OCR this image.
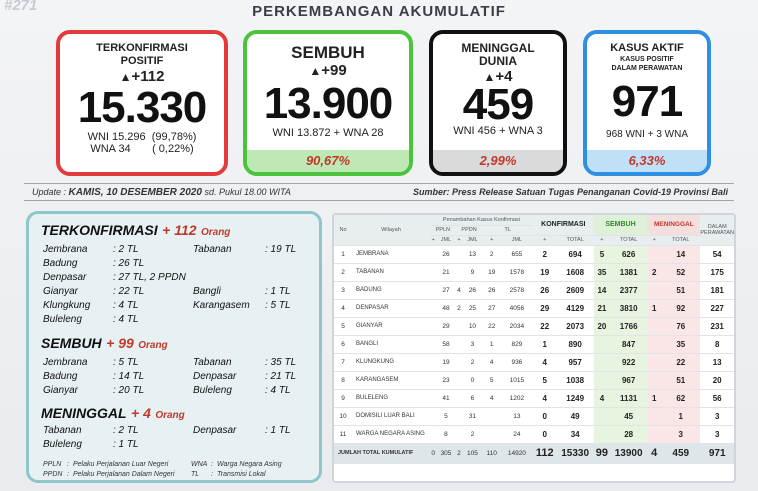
#271	PERKEMBANGAN AKUMULATIF
TERKONFIRMASI
POSITIF
▲+112
15.330
WNI 15.296  (99,78%)
WNA 34       ( 0,22%)
SEMBUH
▲+99
13.900
WNI 13.872 + WNA 28
90,67%
MENINGGAL
DUNIA
▲+4
459
WNI 456 + WNA 3
2,99%
KASUS AKTIF
KASUS POSITIF
DALAM PERAWATAN
971
968 WNI + 3 WNA
6,33%
Update : KAMIS, 10 DESEMBER 2020 sd. Pukul 18.00 WITA	Sumber: Press Release Satuan Tugas Penanganan Covid-19 Provinsi Bali
TERKONFIRMASI + 112 Orang
Jembrana	: 2 TL	Tabanan	: 19 TL
Badung	: 26 TL
Denpasar	: 27 TL, 2 PPDN
Gianyar	: 22 TL	Bangli	: 1 TL
Klungkung : 4 TL	Karangasem : 5 TL
Buleleng	: 4 TL
SEMBUH + 99 Orang
Jembrana	: 5 TL	Tabanan	: 35 TL
Badung	: 14 TL	Denpasar	: 21 TL
Gianyar	: 20 TL	Buleleng	: 4 TL
MENINGGAL + 4 Orang
Tabanan	: 2 TL	Denpasar	: 1 TL
Buleleng	: 1 TL
PPLN : Pelaku Perjalanan Luar Negeri	WNA : Warga Negara Asing
PPDN : Pelaku Perjalanan Dalam Negeri TL : Transmisi Lokal
No	Wilayah	Penambahan Kasus Konfirmasi						KONFIRMASI		SEMBUH		MENINGGAL		DALAM PERAWATAN
		PPLN		PPDN		TL								
		+	JML	+	JML	+	JML	+	TOTAL	+	TOTAL	+	TOTAL	
1	JEMBRANA		26		13	2	655	2	694	5	626		14	54
2	TABANAN		21		9	19	1578	19	1608	35	1381	2	52	175
3	BADUNG		27	4	26	26	2578	26	2609	14	2377		51	181
4	DENPASAR		48	2	25	27	4056	29	4129	21	3810	1	92	227
5	GIANYAR		29		10	22	2034	22	2073	20	1766		76	231
6	BANGLI		58		3	1	829	1	890		847		35	8
7	KLUNGKUNG		19		2	4	936	4	957		922		22	13
8	KARANGASEM		23		0	5	1015	5	1038		967		51	20
9	BULELENG		41		6	4	1202	4	1249	4	1131	1	62	56
10	DOMISILI LUAR BALI		5		31		13	0	49		45		1	3
11	WARGA NEGARA ASING		8		2		24	0	34		28		3	3
JUMLAH TOTAL KUMULATIF		0	305	2	105	110	14920	112	15330	99	13900	4	459	971
